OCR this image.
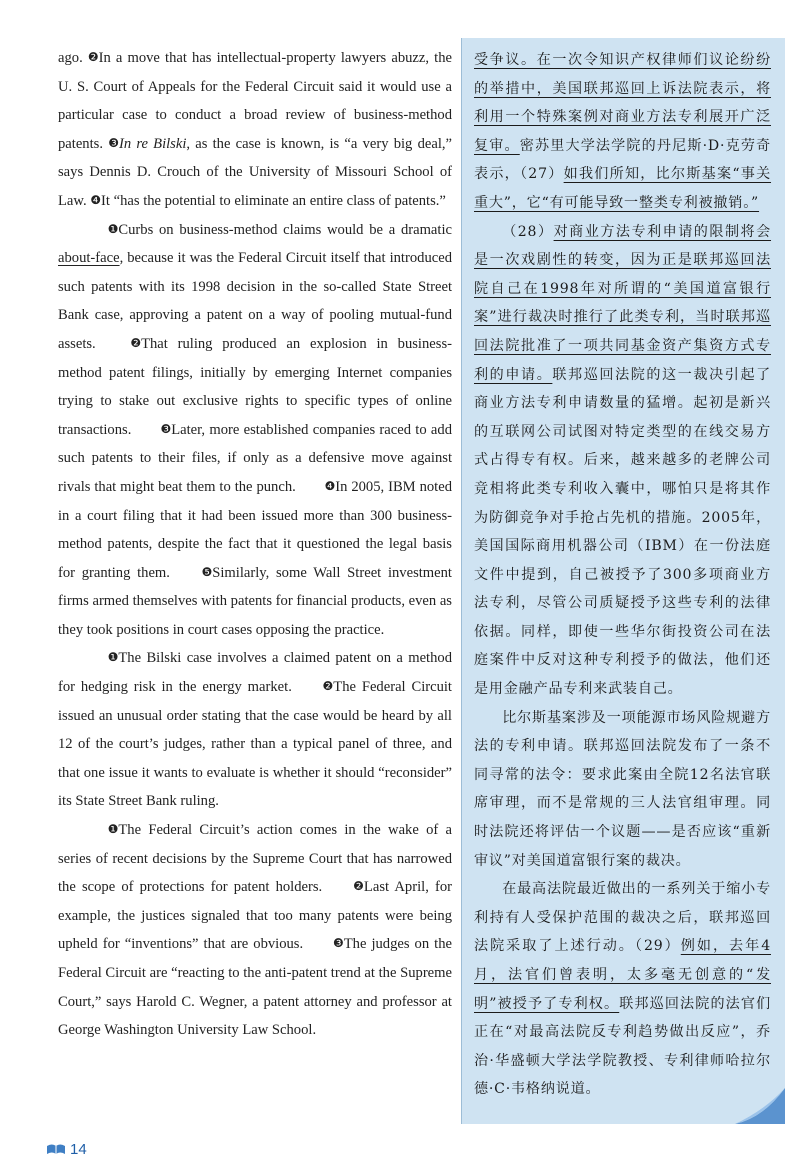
ago. ❷In a move that has intellectual-property lawyers abuzz, the U. S. Court of Appeals for the Federal Circuit said it would use a particular case to conduct a broad review of business-method patents. ❸In re Bilski, as the case is known, is “a very big deal,” says Dennis D. Crouch of the University of Missouri School of Law. ❹It “has the potential to eliminate an entire class of patents.”

❶Curbs on business-method claims would be a dramatic about-face, because it was the Federal Circuit itself that introduced such patents with its 1998 decision in the so-called State Street Bank case, approving a patent on a way of pooling mutual-fund assets. ❷That ruling produced an explosion in business-method patent filings, initially by emerging Internet companies trying to stake out exclusive rights to specific types of online transactions. ❸Later, more established companies raced to add such patents to their files, if only as a defensive move against rivals that might beat them to the punch. ❹In 2005, IBM noted in a court filing that it had been issued more than 300 business-method patents, despite the fact that it questioned the legal basis for granting them. ❺Similarly, some Wall Street investment firms armed themselves with patents for financial products, even as they took positions in court cases opposing the practice.

❶The Bilski case involves a claimed patent on a method for hedging risk in the energy market. ❷The Federal Circuit issued an unusual order stating that the case would be heard by all 12 of the court’s judges, rather than a typical panel of three, and that one issue it wants to evaluate is whether it should “reconsider” its State Street Bank ruling.

❶The Federal Circuit’s action comes in the wake of a series of recent decisions by the Supreme Court that has narrowed the scope of protections for patent holders. ❷Last April, for example, the justices signaled that too many patents were being upheld for “inventions” that are obvious. ❸The judges on the Federal Circuit are “reacting to the anti-patent trend at the Supreme Court,” says Harold C. Wegner, a patent attorney and professor at George Washington University Law School.

受争议。在一次令知识产权律师们议论纷纷的举措中，美国联邦巡回上诉法院表示，将利用一个特殊案例对商业方法专利展开广泛复审。密苏里大学法学院的丹尼斯·D·克劳奇表示，（27）如我们所知，比尔斯基案“事关重大”，它“有可能导致一整类专利被撤销。”

（28）对商业方法专利申请的限制将会是一次戏剧性的转变，因为正是联邦巡回法院自己在1998年对所谓的“美国道富银行案”进行裁决时推行了此类专利，当时联邦巡回法院批准了一项共同基金资产集资方式专利的申请。联邦巡回法院的这一裁决引起了商业方法专利申请数量的猛增。起初是新兴的互联网公司试图对特定类型的在线交易方式占得专有权。后来，越来越多的老牌公司竞相将此类专利收入囊中，哪怕只是将其作为防御竞争对手抢占先机的措施。2005年，美国国际商用机器公司（IBM）在一份法庭文件中提到，自己被授予了300多项商业方法专利，尽管公司质疑授予这些专利的法律依据。同样，即使一些华尔街投资公司在法庭案件中反对这种专利授予的做法，他们还是用金融产品专利来武装自己。

比尔斯基案涉及一项能源市场风险规避方法的专利申请。联邦巡回法院发布了一条不同寻常的法令：要求此案由全院12名法官联席审理，而不是常规的三人法官组审理。同时法院还将评估一个议题——是否应该“重新审议”对美国道富银行案的裁决。

在最高法院最近做出的一系列关于缩小专利持有人受保护范围的裁决之后，联邦巡回法院采取了上述行动。（29）例如，去年4月，法官们曾表明，太多毫无创意的“发明”被授予了专利权。联邦巡回法院的法官们正在“对最高法院反专利趋势做出反应”，乔治·华盛顿大学法学院教授、专利律师哈拉尔德·C·韦格纳说道。

14
